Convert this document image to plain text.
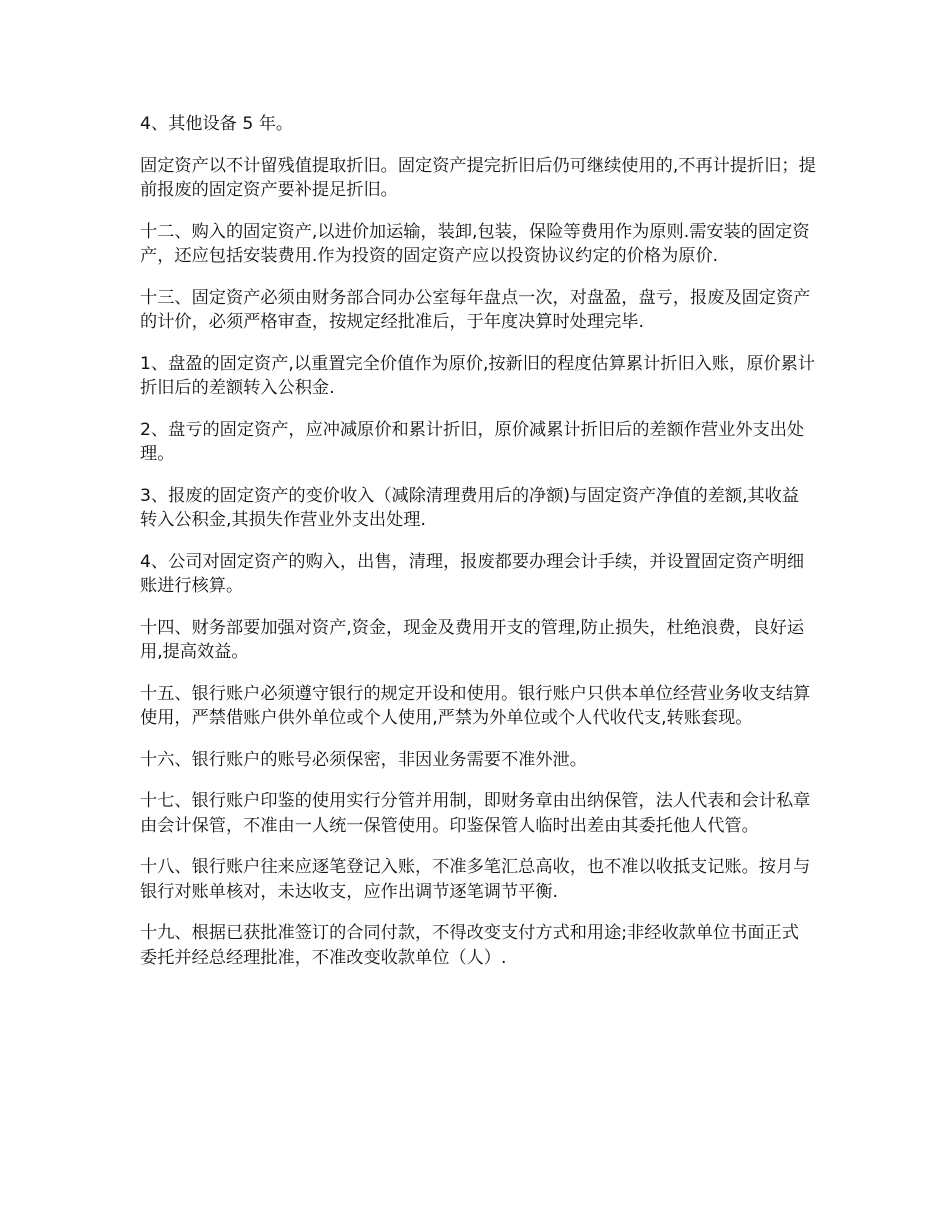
4、其他设备 5 年。

固定资产以不计留残值提取折旧。固定资产提完折旧后仍可继续使用的,不再计提折旧；提前报废的固定资产要补提足折旧。

十二、购入的固定资产,以进价加运输，装卸,包装，保险等费用作为原则.需安装的固定资产，还应包括安装费用.作为投资的固定资产应以投资协议约定的价格为原价.

十三、固定资产必须由财务部合同办公室每年盘点一次，对盘盈，盘亏，报废及固定资产的计价，必须严格审查，按规定经批准后，于年度决算时处理完毕.

1、盘盈的固定资产,以重置完全价值作为原价,按新旧的程度估算累计折旧入账，原价累计折旧后的差额转入公积金.

2、盘亏的固定资产，应冲减原价和累计折旧，原价减累计折旧后的差额作营业外支出处理。

3、报废的固定资产的变价收入（减除清理费用后的净额)与固定资产净值的差额,其收益转入公积金,其损失作营业外支出处理.

4、公司对固定资产的购入，出售，清理，报废都要办理会计手续，并设置固定资产明细账进行核算。

十四、财务部要加强对资产,资金，现金及费用开支的管理,防止损失，杜绝浪费，良好运用,提高效益。

十五、银行账户必须遵守银行的规定开设和使用。银行账户只供本单位经营业务收支结算使用，严禁借账户供外单位或个人使用,严禁为外单位或个人代收代支,转账套现。

十六、银行账户的账号必须保密，非因业务需要不准外泄。

十七、银行账户印鉴的使用实行分管并用制，即财务章由出纳保管，法人代表和会计私章由会计保管，不准由一人统一保管使用。印鉴保管人临时出差由其委托他人代管。

十八、银行账户往来应逐笔登记入账，不准多笔汇总高收，也不准以收抵支记账。按月与银行对账单核对，未达收支，应作出调节逐笔调节平衡.

十九、根据已获批准签订的合同付款，不得改变支付方式和用途;非经收款单位书面正式委托并经总经理批准，不准改变收款单位（人）.
